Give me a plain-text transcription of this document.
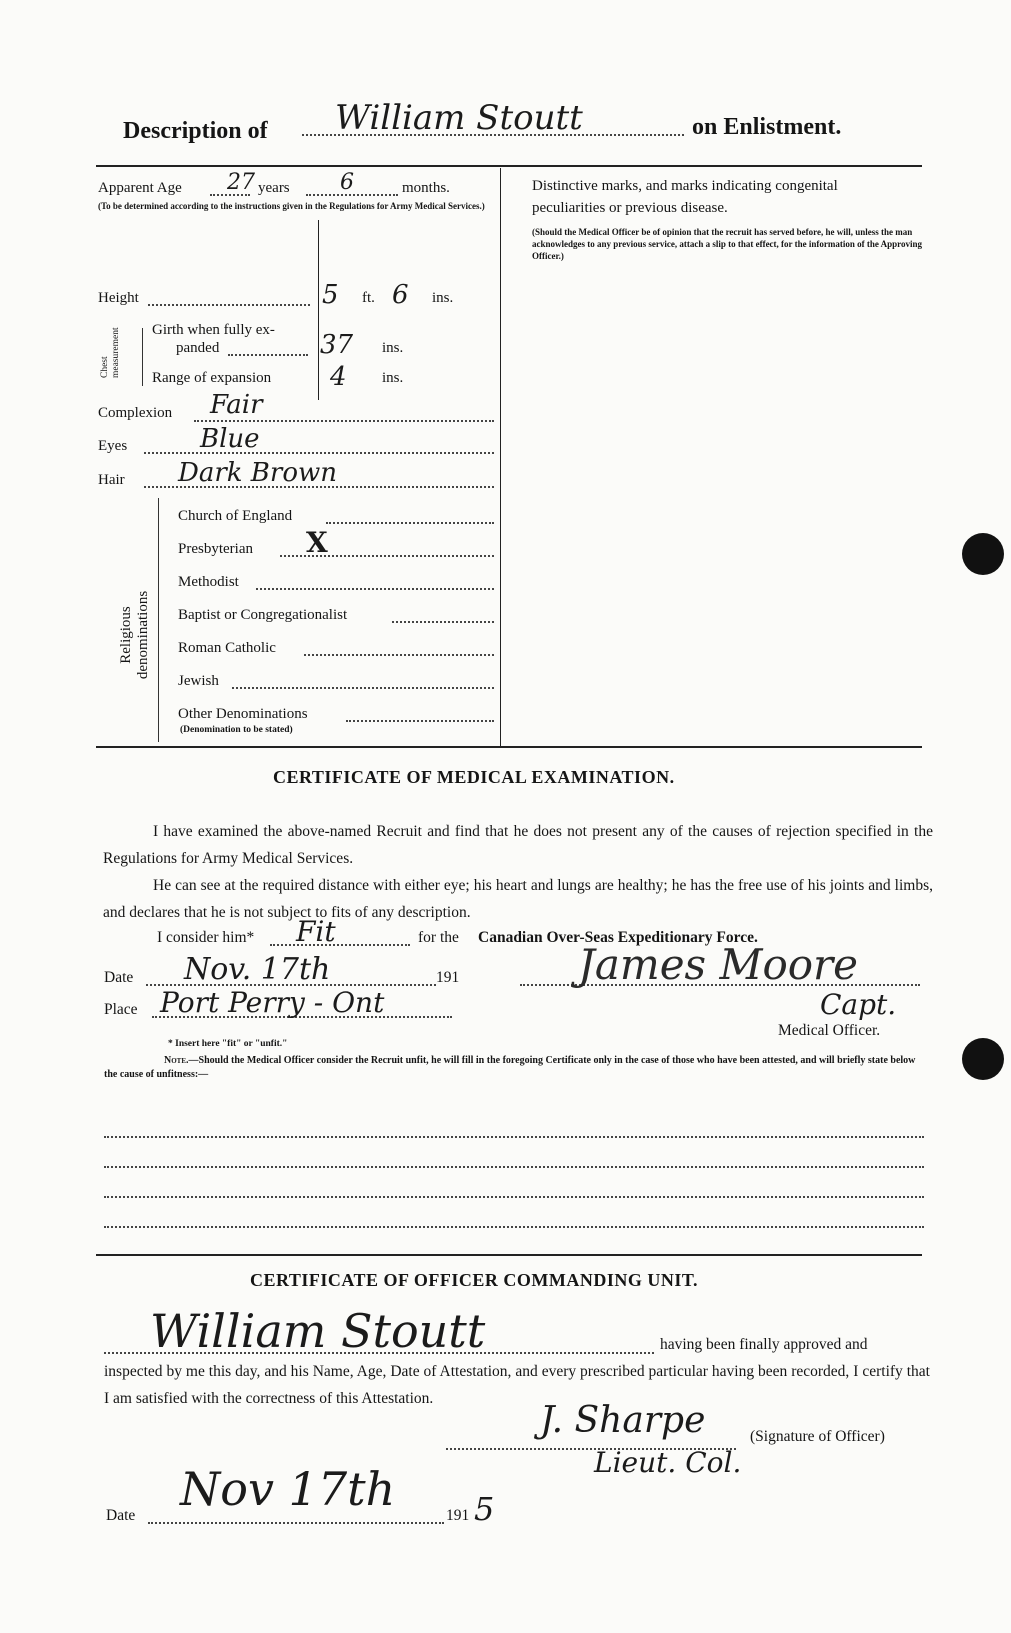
Description of William Stoutt	on Enlistment.
Apparent Age 27 years 6	months.
(To be determined according to the instructions given in the Regulations for Army Medical Services.)
Height	5 ft. 6 ins.
Chest measurement Girth when fully ex-
panded	37 ins.
Range of expansion 4 ins.
Complexion Fair
Eyes	Blue
Hair Dark Brown
Religious denominations
Church of England
Presbyterian X
Methodist
Baptist or Congregationalist
Roman Catholic
Jewish
Other Denominations
(Denomination to be stated)
Distinctive marks, and marks indicating congenital
peculiarities or previous disease.
(Should the Medical Officer be of opinion that the recruit has served before, he will, unless the man acknowledges to any previous service, attach a slip to that effect, for the information of the Approving Officer.)
CERTIFICATE OF MEDICAL EXAMINATION.
I have examined the above-named Recruit and find that he does not present any of the causes of rejection specified in the Regulations for Army Medical Services.
He can see at the required distance with either eye; his heart and lungs are healthy; he has the free use of his joints and limbs, and declares that he is not subject to fits of any description.
I consider him* Fit	for the Canadian Over-Seas Expeditionary Force.
Date Nov. 17th	191
Place Port Perry - Ont
James Moore
Capt.
Medical Officer.
* Insert here "fit" or "unfit."
Note.—Should the Medical Officer consider the Recruit unfit, he will fill in the foregoing Certificate only in the case of those who have been attested, and will briefly state below the cause of unfitness:—
CERTIFICATE OF OFFICER COMMANDING UNIT.
William Stoutt	having been finally approved and
inspected by me this day, and his Name, Age, Date of Attestation, and every prescribed particular having been recorded, I certify that I am satisfied with the correctness of this Attestation.
J. Sharpe
Lieut. Col.
(Signature of Officer)
Date Nov 17th	191 5
